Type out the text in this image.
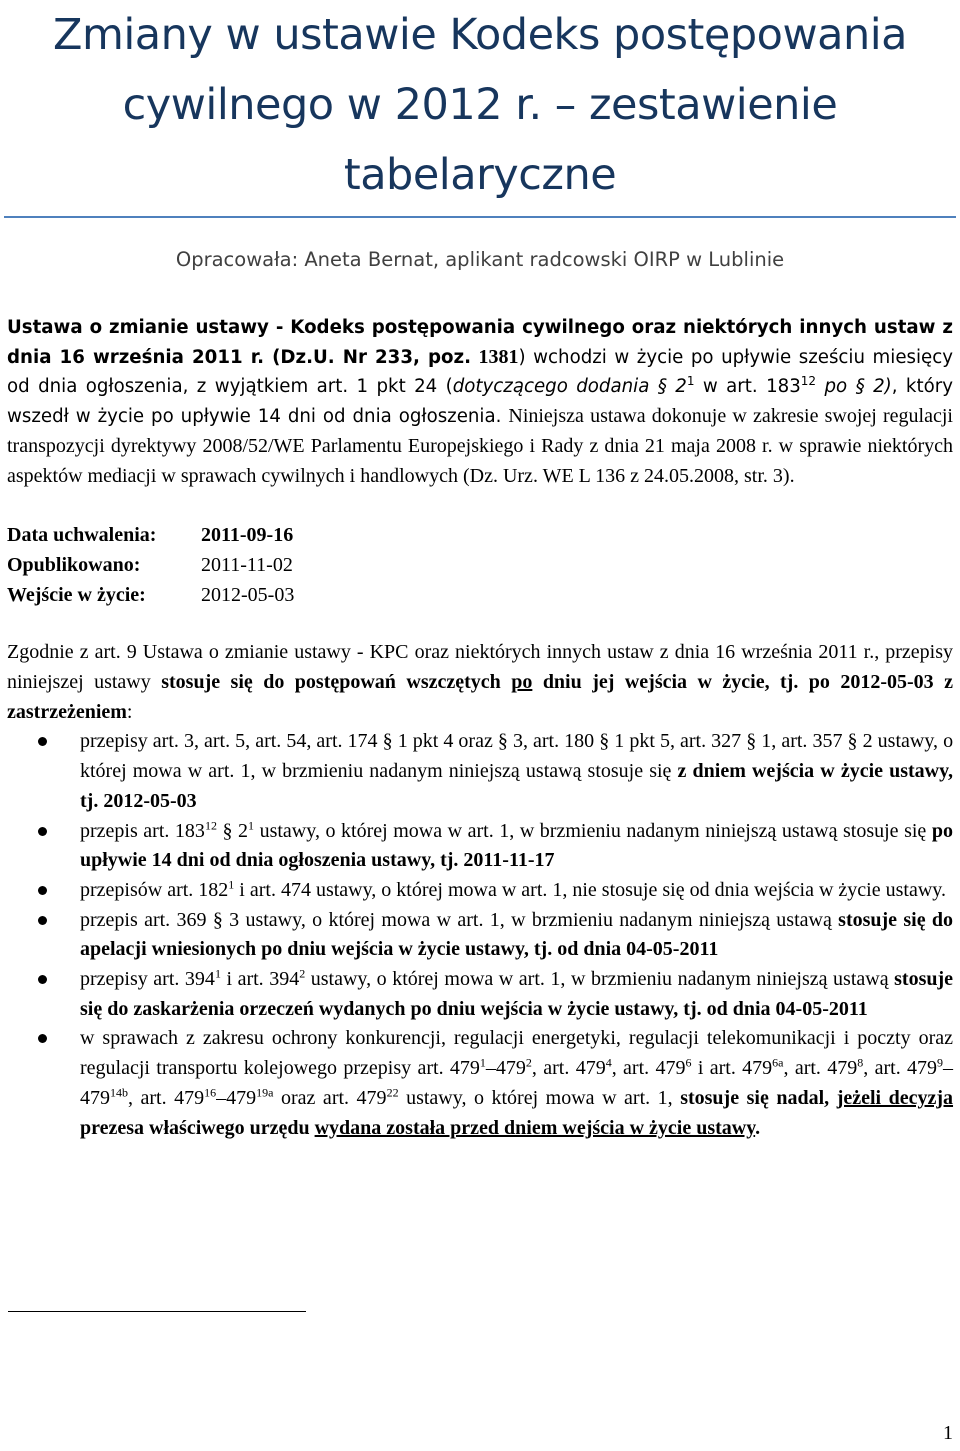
Zmiany w ustawie Kodeks postępowania cywilnego w 2012 r. – zestawienie tabelaryczne

Opracowała: Aneta Bernat, aplikant radcowski OIRP w Lublinie

Ustawa o zmianie ustawy - Kodeks postępowania cywilnego oraz niektórych innych ustaw z dnia 16 września 2011 r. (Dz.U. Nr 233, poz. 1381) wchodzi w życie po upływie sześciu miesięcy od dnia ogłoszenia, z wyjątkiem art. 1 pkt 24 (dotyczącego dodania § $2^1$ w art. $183^{12}$ po § 2), który wszedł w życie po upływie 14 dni od dnia ogłoszenia. Niniejsza ustawa dokonuje w zakresie swojej regulacji transpozycji dyrektywy 2008/52/WE Parlamentu Europejskiego i Rady z dnia 21 maja 2008 r. w sprawie niektórych aspektów mediacji w sprawach cywilnych i handlowych (Dz. Urz. WE L 136 z 24.05.2008, str. 3).

Data uchwalenia: 2011-09-16
Opublikowano:	2011-11-02
Wejście w życie:	2012-05-03

Zgodnie z art. 9 Ustawa o zmianie ustawy - KPC oraz niektórych innych ustaw z dnia 16 września 2011 r., przepisy niniejszej ustawy stosuje się do postępowań wszczętych po dniu jej wejścia w życie, tj. po 2012-05-03 z zastrzeżeniem:

przepisy art. 3, art. 5, art. 54, art. 174 § 1 pkt 4 oraz § 3, art. 180 § 1 pkt 5, art. 327 § 1, art. 357 § 2 ustawy, o której mowa w art. 1, w brzmieniu nadanym niniejszą ustawą stosuje się z dniem wejścia w życie ustawy, tj. 2012-05-03
przepis art. $183^{12}$ § $2^1$ ustawy, o której mowa w art. 1, w brzmieniu nadanym niniejszą ustawą stosuje się po upływie 14 dni od dnia ogłoszenia ustawy, tj. 2011-11-17
przepisów art. $182^1$ i art. 474 ustawy, o której mowa w art. 1, nie stosuje się od dnia wejścia w życie ustawy.
przepis art. 369 § 3 ustawy, o której mowa w art. 1, w brzmieniu nadanym niniejszą ustawą stosuje się do apelacji wniesionych po dniu wejścia w życie ustawy, tj. od dnia 04-05-2011
przepisy art. $394^1$ i art. $394^2$ ustawy, o której mowa w art. 1, w brzmieniu nadanym niniejszą ustawą stosuje się do zaskarżenia orzeczeń wydanych po dniu wejścia w życie ustawy, tj. od dnia 04-05-2011
w sprawach z zakresu ochrony konkurencji, regulacji energetyki, regulacji telekomunikacji i poczty oraz regulacji transportu kolejowego przepisy art. $479^1-479^2$, art. $479^4$, art. $479^6$ i art. $479^{6a}$, art. $479^8$, art. $479^9-479^{14b}$, art. $479^{16}-479^{19a}$ oraz art. $479^{22}$ ustawy, o której mowa w art. 1, stosuje się nadal, jeżeli decyzja prezesa właściwego urzędu wydana została przed dniem wejścia w życie ustawy.
1
